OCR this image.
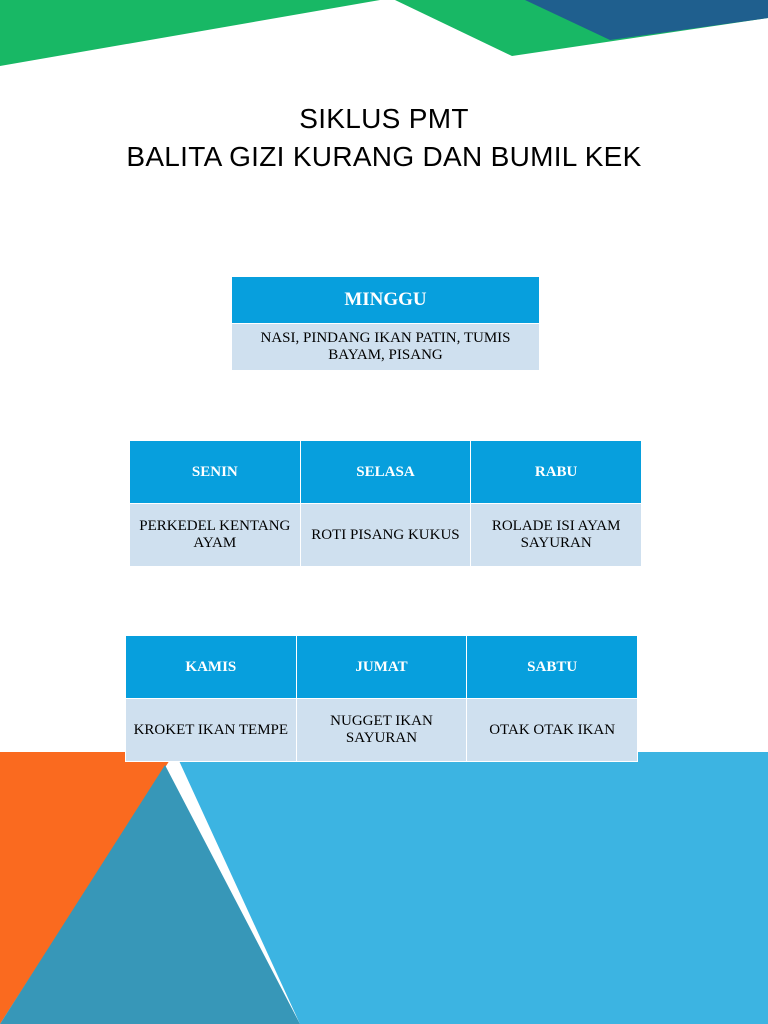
SIKLUS PMT
BALITA GIZI KURANG DAN BUMIL KEK
MINGGU
NASI, PINDANG IKAN PATIN, TUMIS BAYAM, PISANG
SENIN	SELASA	RABU
PERKEDEL KENTANG AYAM	ROTI PISANG KUKUS	ROLADE ISI AYAM SAYURAN
KAMIS	JUMAT	SABTU
KROKET IKAN TEMPE	NUGGET IKAN SAYURAN	OTAK OTAK IKAN
